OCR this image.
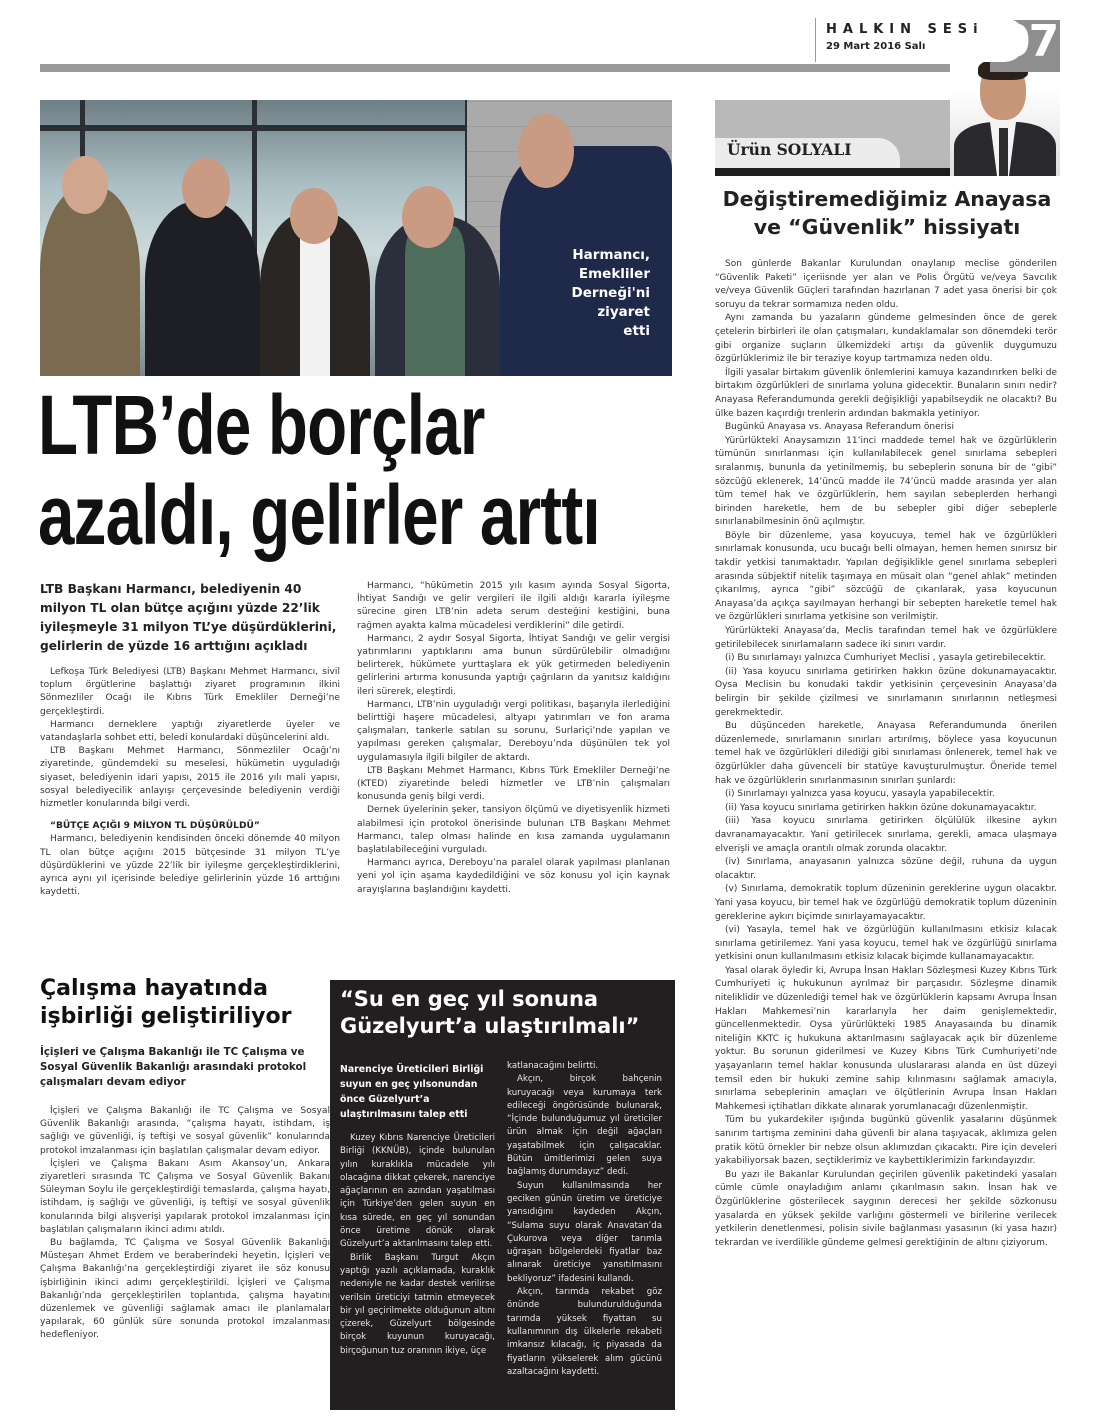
HALKIN SESi
29 Mart 2016 Salı	07
Harmancı, Emekliler Derneği'ni ziyaret etti
LTB’de borçlar
azaldı, gelirler arttı
LTB Başkanı Harmancı, belediyenin 40 milyon TL olan bütçe açığını yüzde 22’lik iyileşmeyle 31 milyon TL’ye düşürdüklerini, gelirlerin de yüzde 16 arttığını açıkladı

Lefkoşa Türk Belediyesi (LTB) Başkanı Mehmet Harmancı, sivil toplum örgütlerine başlattığı ziyaret programının ilkini Sönmezliler Ocağı ile Kıbrıs Türk Emekliler Derneği’ne gerçekleştirdi.

Harmancı derneklere yaptığı ziyaretlerde üyeler ve vatandaşlarla sohbet etti, beledi konulardaki düşüncelerini aldı.

LTB Başkanı Mehmet Harmancı, Sönmezliler Ocağı’nı ziyaretinde, gündemdeki su meselesi, hükümetin uyguladığı siyaset, belediyenin idari yapısı, 2015 ile 2016 yılı mali yapısı, sosyal belediyecilik anlayışı çerçevesinde belediyenin verdiği hizmetler konularında bilgi verdi.

“BÜTÇE AÇIĞI 9 MİLYON TL DÜŞÜRÜLDÜ”

Harmancı, belediyenin kendisinden önceki dönemde 40 milyon TL olan bütçe açığını 2015 bütçesinde 31 milyon TL’ye düşürdüklerini ve yüzde 22’lik bir iyileşme gerçekleştirdiklerini, ayrıca aynı yıl içerisinde belediye gelirlerinin yüzde 16 arttığını kaydetti.

Harmancı, “hükümetin 2015 yılı kasım ayında Sosyal Sigorta, İhtiyat Sandığı ve gelir vergileri ile ilgili aldığı kararla iyileşme sürecine giren LTB’nin adeta serum desteğini kestiğini, buna rağmen ayakta kalma mücadelesi verdiklerini” dile getirdi.

Harmancı, 2 aydır Sosyal Sigorta, İhtiyat Sandığı ve gelir vergisi yatırımlarını yaptıklarını ama bunun sürdürülebilir olmadığını belirterek, hükümete yurttaşlara ek yük getirmeden belediyenin gelirlerini artırma konusunda yaptığı çağrıların da yanıtsız kaldığını ileri sürerek, eleştirdi.

Harmancı, LTB’nin uyguladığı vergi politikası, başarıyla ilerlediğini belirttiği haşere mücadelesi, altyapı yatırımları ve fon arama çalışmaları, tankerle satılan su sorunu, Surlariçi’nde yapılan ve yapılması gereken çalışmalar, Dereboyu’nda düşünülen tek yol uygulamasıyla ilgili bilgiler de aktardı.

LTB Başkanı Mehmet Harmancı, Kıbrıs Türk Emekliler Derneği’ne (KTED) ziyaretinde beledi hizmetler ve LTB’nin çalışmaları konusunda geniş bilgi verdi.

Dernek üyelerinin şeker, tansiyon ölçümü ve diyetisyenlik hizmeti alabilmesi için protokol önerisinde bulunan LTB Başkanı Mehmet Harmancı, talep olması halinde en kısa zamanda uygulamanın başlatılabileceğini vurguladı.

Harmancı ayrıca, Dereboyu’na paralel olarak yapılması planlanan yeni yol için aşama kaydedildiğini ve söz konusu yol için kaynak arayışlarına başlandığını kaydetti.

Çalışma hayatında işbirliği geliştiriliyor
İçişleri ve Çalışma Bakanlığı ile TC Çalışma ve Sosyal Güvenlik Bakanlığı arasındaki protokol çalışmaları devam ediyor

İçişleri ve Çalışma Bakanlığı ile TC Çalışma ve Sosyal Güvenlik Bakanlığı arasında, “çalışma hayatı, istihdam, iş sağlığı ve güvenliği, iş teftişi ve sosyal güvenlik” konularında protokol imzalanması için başlatılan çalışmalar devam ediyor.

İçişleri ve Çalışma Bakanı Asım Akansoy’un, Ankara ziyaretleri sırasında TC Çalışma ve Sosyal Güvenlik Bakanı Süleyman Soylu ile gerçekleştirdiği temaslarda, çalışma hayatı, istihdam, iş sağlığı ve güvenliği, iş teftişi ve sosyal güvenlik konularında bilgi alışverişi yapılarak protokol imzalanması için başlatılan çalışmaların ikinci adımı atıldı.

Bu bağlamda, TC Çalışma ve Sosyal Güvenlik Bakanlığı Müsteşarı Ahmet Erdem ve beraberindeki heyetin, İçişleri ve Çalışma Bakanlığı’na gerçekleştirdiği ziyaret ile söz konusu işbirliğinin ikinci adımı gerçekleştirildi. İçişleri ve Çalışma Bakanlığı’nda gerçekleştirilen toplantıda, çalışma hayatını düzenlemek ve güvenliği sağlamak amacı ile planlamalar yapılarak, 60 günlük süre sonunda protokol imzalanması hedefleniyor.

“Su en geç yıl sonuna Güzelyurt’a ulaştırılmalı”
Narenciye Üreticileri Birliği suyun en geç yılsonundan önce Güzelyurt’a ulaştırılmasını talep etti

Kuzey Kıbrıs Narenciye Üreticileri Birliği (KKNÜB), içinde bulunulan yılın kuraklıkla mücadele yılı olacağına dikkat çekerek, narenciye ağaçlarının en azından yaşatılması için Türkiye’den gelen suyun en kısa sürede, en geç yıl sonundan önce üretime dönük olarak Güzelyurt’a aktarılmasını talep etti.

Birlik Başkanı Turgut Akçın yaptığı yazılı açıklamada, kuraklık nedeniyle ne kadar destek verilirse verilsin üreticiyi tatmin etmeyecek bir yıl geçirilmekte olduğunun altını çizerek, Güzelyurt bölgesinde birçok kuyunun kuruyacağı, birçoğunun tuz oranının ikiye, üçe

katlanacağını belirtti.

Akçın, birçok bahçenin kuruyacağı veya kurumaya terk edileceği öngörüsünde bulunarak, “İçinde bulunduğumuz yıl üreticiler ürün almak için değil ağaçları yaşatabilmek için çalışacaklar. Bütün ümitlerimizi gelen suya bağlamış durumdayız” dedi.

Suyun kullanılmasında her geciken günün üretim ve üreticiye yansıdığını kaydeden Akçın, “Sulama suyu olarak Anavatan’da Çukurova veya diğer tarımla uğraşan bölgelerdeki fiyatlar baz alınarak üreticiye yansıtılmasını bekliyoruz” ifadesini kullandı.

Akçın, tarımda rekabet göz önünde bulundurulduğunda tarımda yüksek fiyattan su kullanımının dış ülkelerle rekabeti imkansız kılacağı, iç piyasada da fiyatların yükselerek alım gücünü azaltacağını kaydetti.

Ürün SOLYALI
Değiştiremediğimiz Anayasa ve “Güvenlik” hissiyatı

Son günlerde Bakanlar Kurulundan onaylanıp meclise gönderilen “Güvenlik Paketi” içeriisnde yer alan ve Polis Örgütü ve/veya Savcılık ve/veya Güvenlik Güçleri tarafından hazırlanan 7 adet yasa önerisi bir çok soruyu da tekrar sormamıza neden oldu.

Aynı zamanda bu yazaların gündeme gelmesinden önce de gerek çetelerin birbirleri ile olan çatışmaları, kundaklamalar son dönemdeki terör gibi organize suçların ülkemizdeki artışı da güvenlik duygumuzu özgürlüklerimiz ile bir teraziye koyup tartmamıza neden oldu.

İlgili yasalar birtakım güvenlik önlemlerini kamuya kazandırırken belki de birtakım özgürlükleri de sınırlama yoluna gidecektir. Bunaların sınırı nedir? Anayasa Referandumunda gerekli değişikliği yapabilseydik ne olacaktı? Bu ülke bazen kaçırdığı trenlerin ardından bakmakla yetiniyor.

Bugünkü Anayasa vs. Anayasa Referandum önerisi

Yürürlükteki Anaysamızın 11’inci maddede temel hak ve özgürlüklerin tümünün sınırlanması için kullanılabilecek genel sınırlama sebepleri sıralanmış, bununla da yetinilmemiş, bu sebeplerin sonuna bir de “gibi” sözcüğü eklenerek, 14’üncü madde ile 74’üncü madde arasında yer alan tüm temel hak ve özgürlüklerin, hem sayılan sebeplerden herhangi birinden hareketle, hem de bu sebepler gibi diğer sebeplerle sınırlanabilmesinin önü açılmıştır.

Böyle bir düzenleme, yasa koyucuya, temel hak ve özgürlükleri sınırlamak konusunda, ucu bucağı belli olmayan, hemen hemen sınırsız bir takdir yetkisi tanımaktadır. Yapılan değişiklikle genel sınırlama sebepleri arasında sübjektif nitelik taşımaya en müsait olan “genel ahlak” metinden çıkarılmış, ayrıca “gibi” sözcüğü de çıkarılarak, yasa koyucunun Anayasa’da açıkça sayılmayan herhangi bir sebepten hareketle temel hak ve özgürlükleri sınırlama yetkisine son verilmiştir.

Yürürlükteki Anayasa’da, Meclis tarafından temel hak ve özgürlüklere getirilebilecek sınırlamaların sadece iki sınırı vardır.

(i) Bu sınırlamayı yalnızca Cumhuriyet Meclisi , yasayla getirebilecektir.

(ii) Yasa koyucu sınırlama getirirken hakkın özüne dokunamayacaktır. Oysa Meclisin bu konudaki takdir yetkisinin çerçevesinin Anayasa’da belirgin bir şekilde çizilmesi ve sınırlamanın sınırlarının netleşmesi gerekmektedir.

Bu düşünceden hareketle, Anayasa Referandumunda önerilen düzenlemede, sınırlamanın sınırları artırılmış, böylece yasa koyucunun temel hak ve özgürlükleri dilediği gibi sınırlaması önlenerek, temel hak ve özgürlükler daha güvenceli bir statüye kavuşturulmuştur. Öneride temel hak ve özgürlüklerin sınırlanmasının sınırları şunlardı:

(i) Sınırlamayı yalnızca yasa koyucu, yasayla yapabilecektir.

(ii) Yasa koyucu sınırlama getirirken hakkın özüne dokunamayacaktır.

(iii) Yasa koyucu sınırlama getirirken ölçülülük ilkesine aykırı davranamayacaktır. Yani getirilecek sınırlama, gerekli, amaca ulaşmaya elverişli ve amaçla orantılı olmak zorunda olacaktır.

(iv) Sınırlama, anayasanın yalnızca sözüne değil, ruhuna da uygun olacaktır.

(v) Sınırlama, demokratik toplum düzeninin gereklerine uygun olacaktır. Yani yasa koyucu, bir temel hak ve özgürlüğü demokratik toplum düzeninin gereklerine aykırı biçimde sınırlayamayacaktır.

(vi) Yasayla, temel hak ve özgürlüğün kullanılmasını etkisiz kılacak sınırlama getirilemez. Yani yasa koyucu, temel hak ve özgürlüğü sınırlama yetkisini onun kullanılmasını etkisiz kılacak biçimde kullanamayacaktır.

Yasal olarak öyledir ki, Avrupa İnsan Hakları Sözleşmesi Kuzey Kıbrıs Türk Cumhuriyeti iç hukukunun ayrılmaz bir parçasıdır. Sözleşme dinamik niteliklidir ve düzenlediği temel hak ve özgürlüklerin kapsamı Avrupa İnsan Hakları Mahkemesi’nin kararlarıyla her daim genişlemektedir, güncellenmektedir. Oysa yürürlükteki 1985 Anayasaında bu dinamik niteliğin KKTC iç hukukuna aktarılmasını sağlayacak açık bir düzenleme yoktur. Bu sorunun giderilmesi ve Kuzey Kıbrıs Türk Cumhuriyeti’nde yaşayanların temel haklar konusunda uluslararası alanda en üst düzeyi temsil eden bir hukuki zemine sahip kılınmasını sağlamak amacıyla, sınırlama sebeplerinin amaçları ve ölçütlerinin Avrupa İnsan Hakları Mahkemesi içtihatları dikkate alınarak yorumlanacağı düzenlenmiştir.

Tüm bu yukardekiler ışığında bugünkü güvenlik yasalarını düşünmek sanırım tartışma zeminini daha güvenli bir alana taşıyacak, aklımıza gelen pratik kötü örnekler bir nebze olsun aklımızdan çıkacaktı. Pire için develeri yakabiliyorsak bazen, seçtiklerimiz ve kaybettiklerimizin farkındayızdır.

Bu yazı ile Bakanlar Kurulundan geçirilen güvenlik paketindeki yasaları cümle cümle onayladığım anlamı çıkarılmasın sakın. İnsan hak ve Özgürlüklerine gösterilecek saygının derecesi her şekilde sözkonusu yasalarda en yüksek şekilde varlığını göstermeli ve birilerine verilecek yetkilerin denetlenmesi, polisin sivile bağlanması yasasının (ki yasa hazır) tekrardan ve iverdilikle gündeme gelmesi gerektiğinin de altını çiziyorum.
